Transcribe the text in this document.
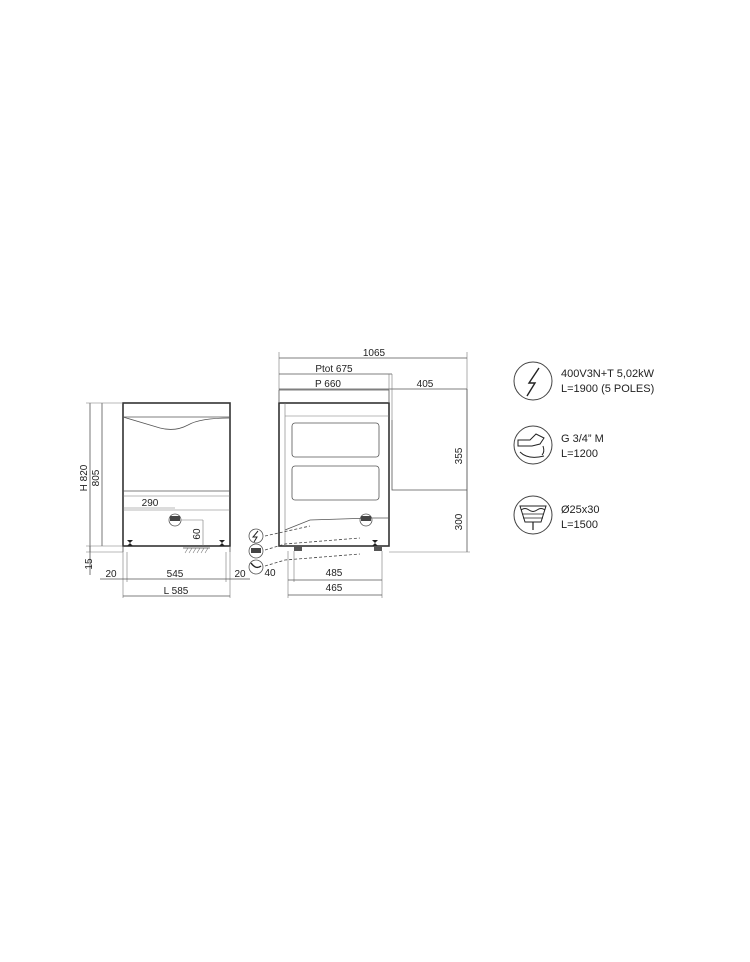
H 820 805
15
290
60
20	545	20
L 585
1065
Ptot 675
P 660	405
355
300
40	485
465
400V3N+T 5,02kW
L=1900 (5 POLES)
G 3/4” M
L=1200
Ø25x30
L=1500
